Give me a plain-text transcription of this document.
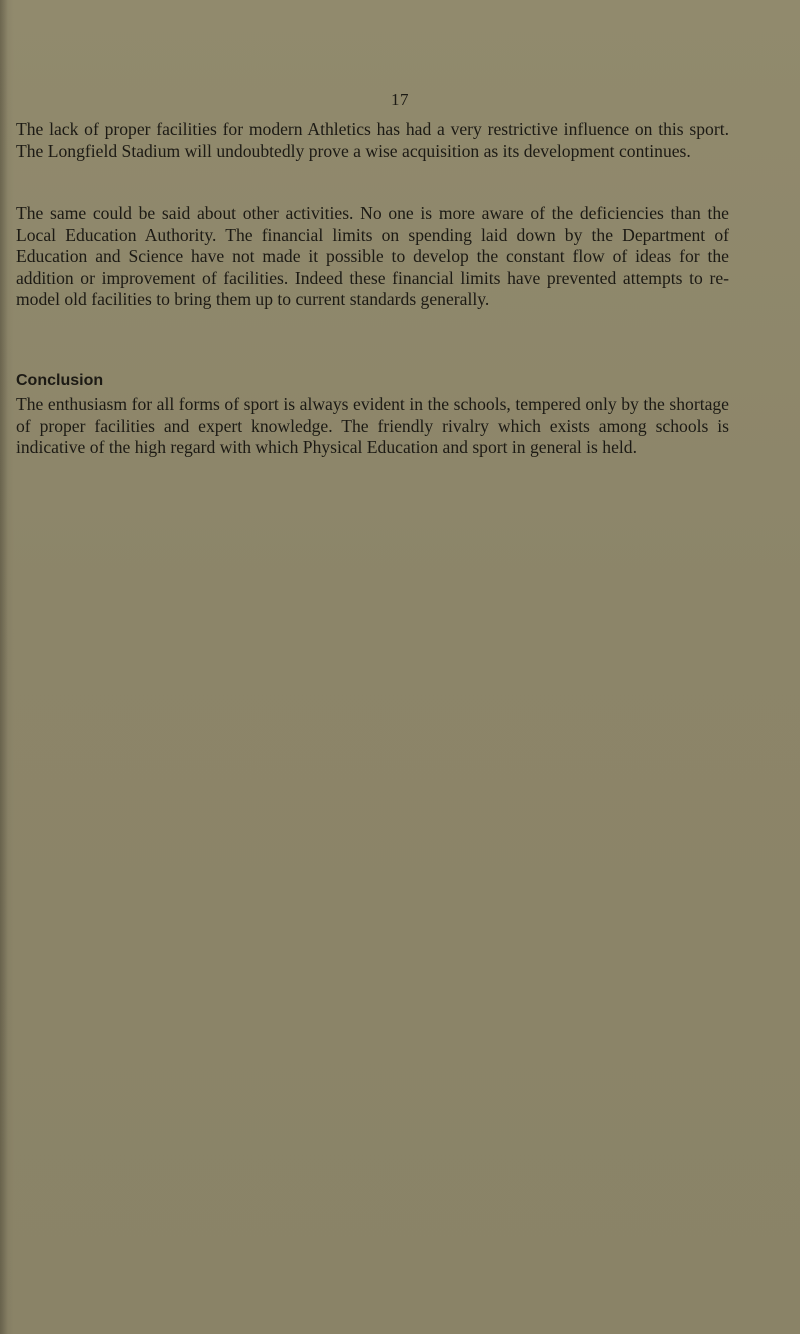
17

The lack of proper facilities for modern Athletics has had a very restrictive influence on this sport. The Longfield Stadium will undoubtedly prove a wise acquisition as its development continues.

The same could be said about other activities. No one is more aware of the deficiencies than the Local Education Authority. The financial limits on spending laid down by the Department of Education and Science have not made it possible to develop the constant flow of ideas for the addition or improvement of facilities. Indeed these financial limits have prevented attempts to re-model old facilities to bring them up to current standards generally.

Conclusion

The enthusiasm for all forms of sport is always evident in the schools, tempered only by the shortage of proper facilities and expert knowledge. The friendly rivalry which exists among schools is indicative of the high regard with which Physical Education and sport in general is held.
